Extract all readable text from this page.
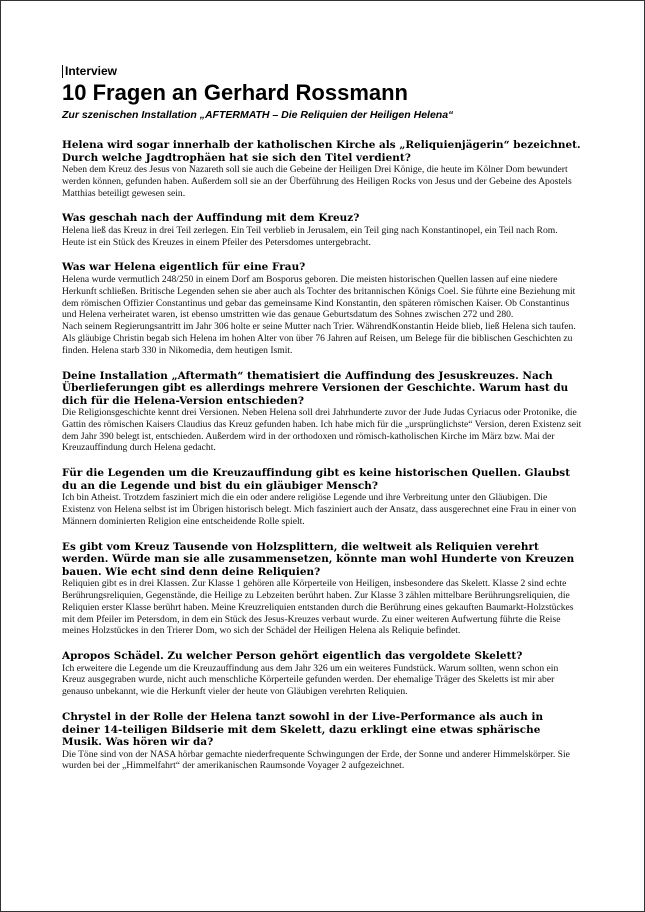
Interview
10 Fragen an Gerhard Rossmann
Zur szenischen Installation „AFTERMATH – Die Reliquien der Heiligen Helena“

Helena wird sogar innerhalb der katholischen Kirche als „Reliquienjägerin“ bezeichnet. Durch welche Jagdtrophäen hat sie sich den Titel verdient?

Neben dem Kreuz des Jesus von Nazareth soll sie auch die Gebeine der Heiligen Drei Könige, die heute im Kölner Dom bewundert werden können, gefunden haben. Außerdem soll sie an der Überführung des Heiligen Rocks von Jesus und der Gebeine des Apostels Matthias beteiligt gewesen sein.

Was geschah nach der Auffindung mit dem Kreuz?

Helena ließ das Kreuz in drei Teil zerlegen. Ein Teil verblieb in Jerusalem, ein Teil ging nach Konstantinopel, ein Teil nach Rom. Heute ist ein Stück des Kreuzes in einem Pfeiler des Petersdomes untergebracht.

Was war Helena eigentlich für eine Frau?

Helena wurde vermutlich 248/250 in einem Dorf am Bosporus geboren. Die meisten historischen Quellen lassen auf eine niedere Herkunft schließen. Britische Legenden sehen sie aber auch als Tochter des britannischen Königs Coel. Sie führte eine Beziehung mit dem römischen Offizier Constantinus und gebar das gemeinsame Kind Konstantin, den späteren römischen Kaiser. Ob Constantinus und Helena verheiratet waren, ist ebenso umstritten wie das genaue Geburtsdatum des Sohnes zwischen 272 und 280.

Nach seinem Regierungsantritt im Jahr 306 holte er seine Mutter nach Trier. WährendKonstantin Heide blieb, ließ Helena sich taufen. Als gläubige Christin begab sich Helena im hohen Alter von über 76 Jahren auf Reisen, um Belege für die biblischen Geschichten zu finden. Helena starb 330 in Nikomedia, dem heutigen Ismit.

Deine Installation „Aftermath“ thematisiert die Auffindung des Jesuskreuzes. Nach Überlieferungen gibt es allerdings mehrere Versionen der Geschichte. Warum hast du dich für die Helena-Version entschieden?

Die Religionsgeschichte kennt drei Versionen. Neben Helena soll drei Jahrhunderte zuvor der Jude Judas Cyriacus oder Protonike, die Gattin des römischen Kaisers Claudius das Kreuz gefunden haben. Ich habe mich für die „ursprünglichste“ Version, deren Existenz seit dem Jahr 390 belegt ist, entschieden. Außerdem wird in der orthodoxen und römisch-katholischen Kirche im März bzw. Mai der Kreuzauffindung durch Helena gedacht.

Für die Legenden um die Kreuzauffindung gibt es keine historischen Quellen. Glaubst du an die Legende und bist du ein gläubiger Mensch?

Ich bin Atheist. Trotzdem fasziniert mich die ein oder andere religiöse Legende und ihre Verbreitung unter den Gläubigen. Die Existenz von Helena selbst ist im Übrigen historisch belegt. Mich fasziniert auch der Ansatz, dass ausgerechnet eine Frau in einer von Männern dominierten Religion eine entscheidende Rolle spielt.

Es gibt vom Kreuz Tausende von Holzsplittern, die weltweit als Reliquien verehrt werden. Würde man sie alle zusammensetzen, könnte man wohl Hunderte von Kreuzen bauen. Wie echt sind denn deine Reliquien?

Reliquien gibt es in drei Klassen. Zur Klasse 1 gehören alle Körperteile von Heiligen, insbesondere das Skelett. Klasse 2 sind echte Berührungsreliquien, Gegenstände, die Heilige zu Lebzeiten berührt haben. Zur Klasse 3 zählen mittelbare Berührungsreliquien, die Reliquien erster Klasse berührt haben. Meine Kreuzreliquien entstanden durch die Berührung eines gekauften Baumarkt-Holzstückes mit dem Pfeiler im Petersdom, in dem ein Stück des Jesus-Kreuzes verbaut wurde. Zu einer weiteren Aufwertung führte die Reise meines Holzstückes in den Trierer Dom, wo sich der Schädel der Heiligen Helena als Reliquie befindet.

Apropos Schädel. Zu welcher Person gehört eigentlich das vergoldete Skelett?

Ich erweitere die Legende um die Kreuzauffindung aus dem Jahr 326 um ein weiteres Fundstück. Warum sollten, wenn schon ein Kreuz ausgegraben wurde, nicht auch menschliche Körperteile gefunden werden. Der ehemalige Träger des Skeletts ist mir aber genauso unbekannt, wie die Herkunft vieler der heute von Gläubigen verehrten Reliquien.

Chrystel in der Rolle der Helena tanzt sowohl in der Live-Performance als auch in deiner 14-teiligen Bildserie mit dem Skelett, dazu erklingt eine etwas sphärische Musik. Was hören wir da?

Die Töne sind von der NASA hörbar gemachte niederfrequente Schwingungen der Erde, der Sonne und anderer Himmelskörper. Sie wurden bei der „Himmelfahrt“ der amerikanischen Raumsonde Voyager 2 aufgezeichnet.
